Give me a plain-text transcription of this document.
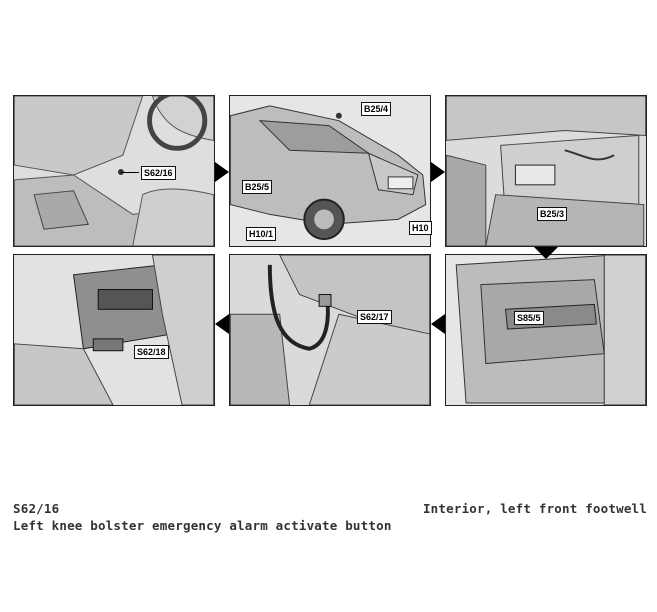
S62/16
B25/4
B25/5
H10/1
H10
B25/3
S62/18
S62/17	S85/5
S62/16	Interior, left front footwell
Left knee bolster emergency alarm activate button
